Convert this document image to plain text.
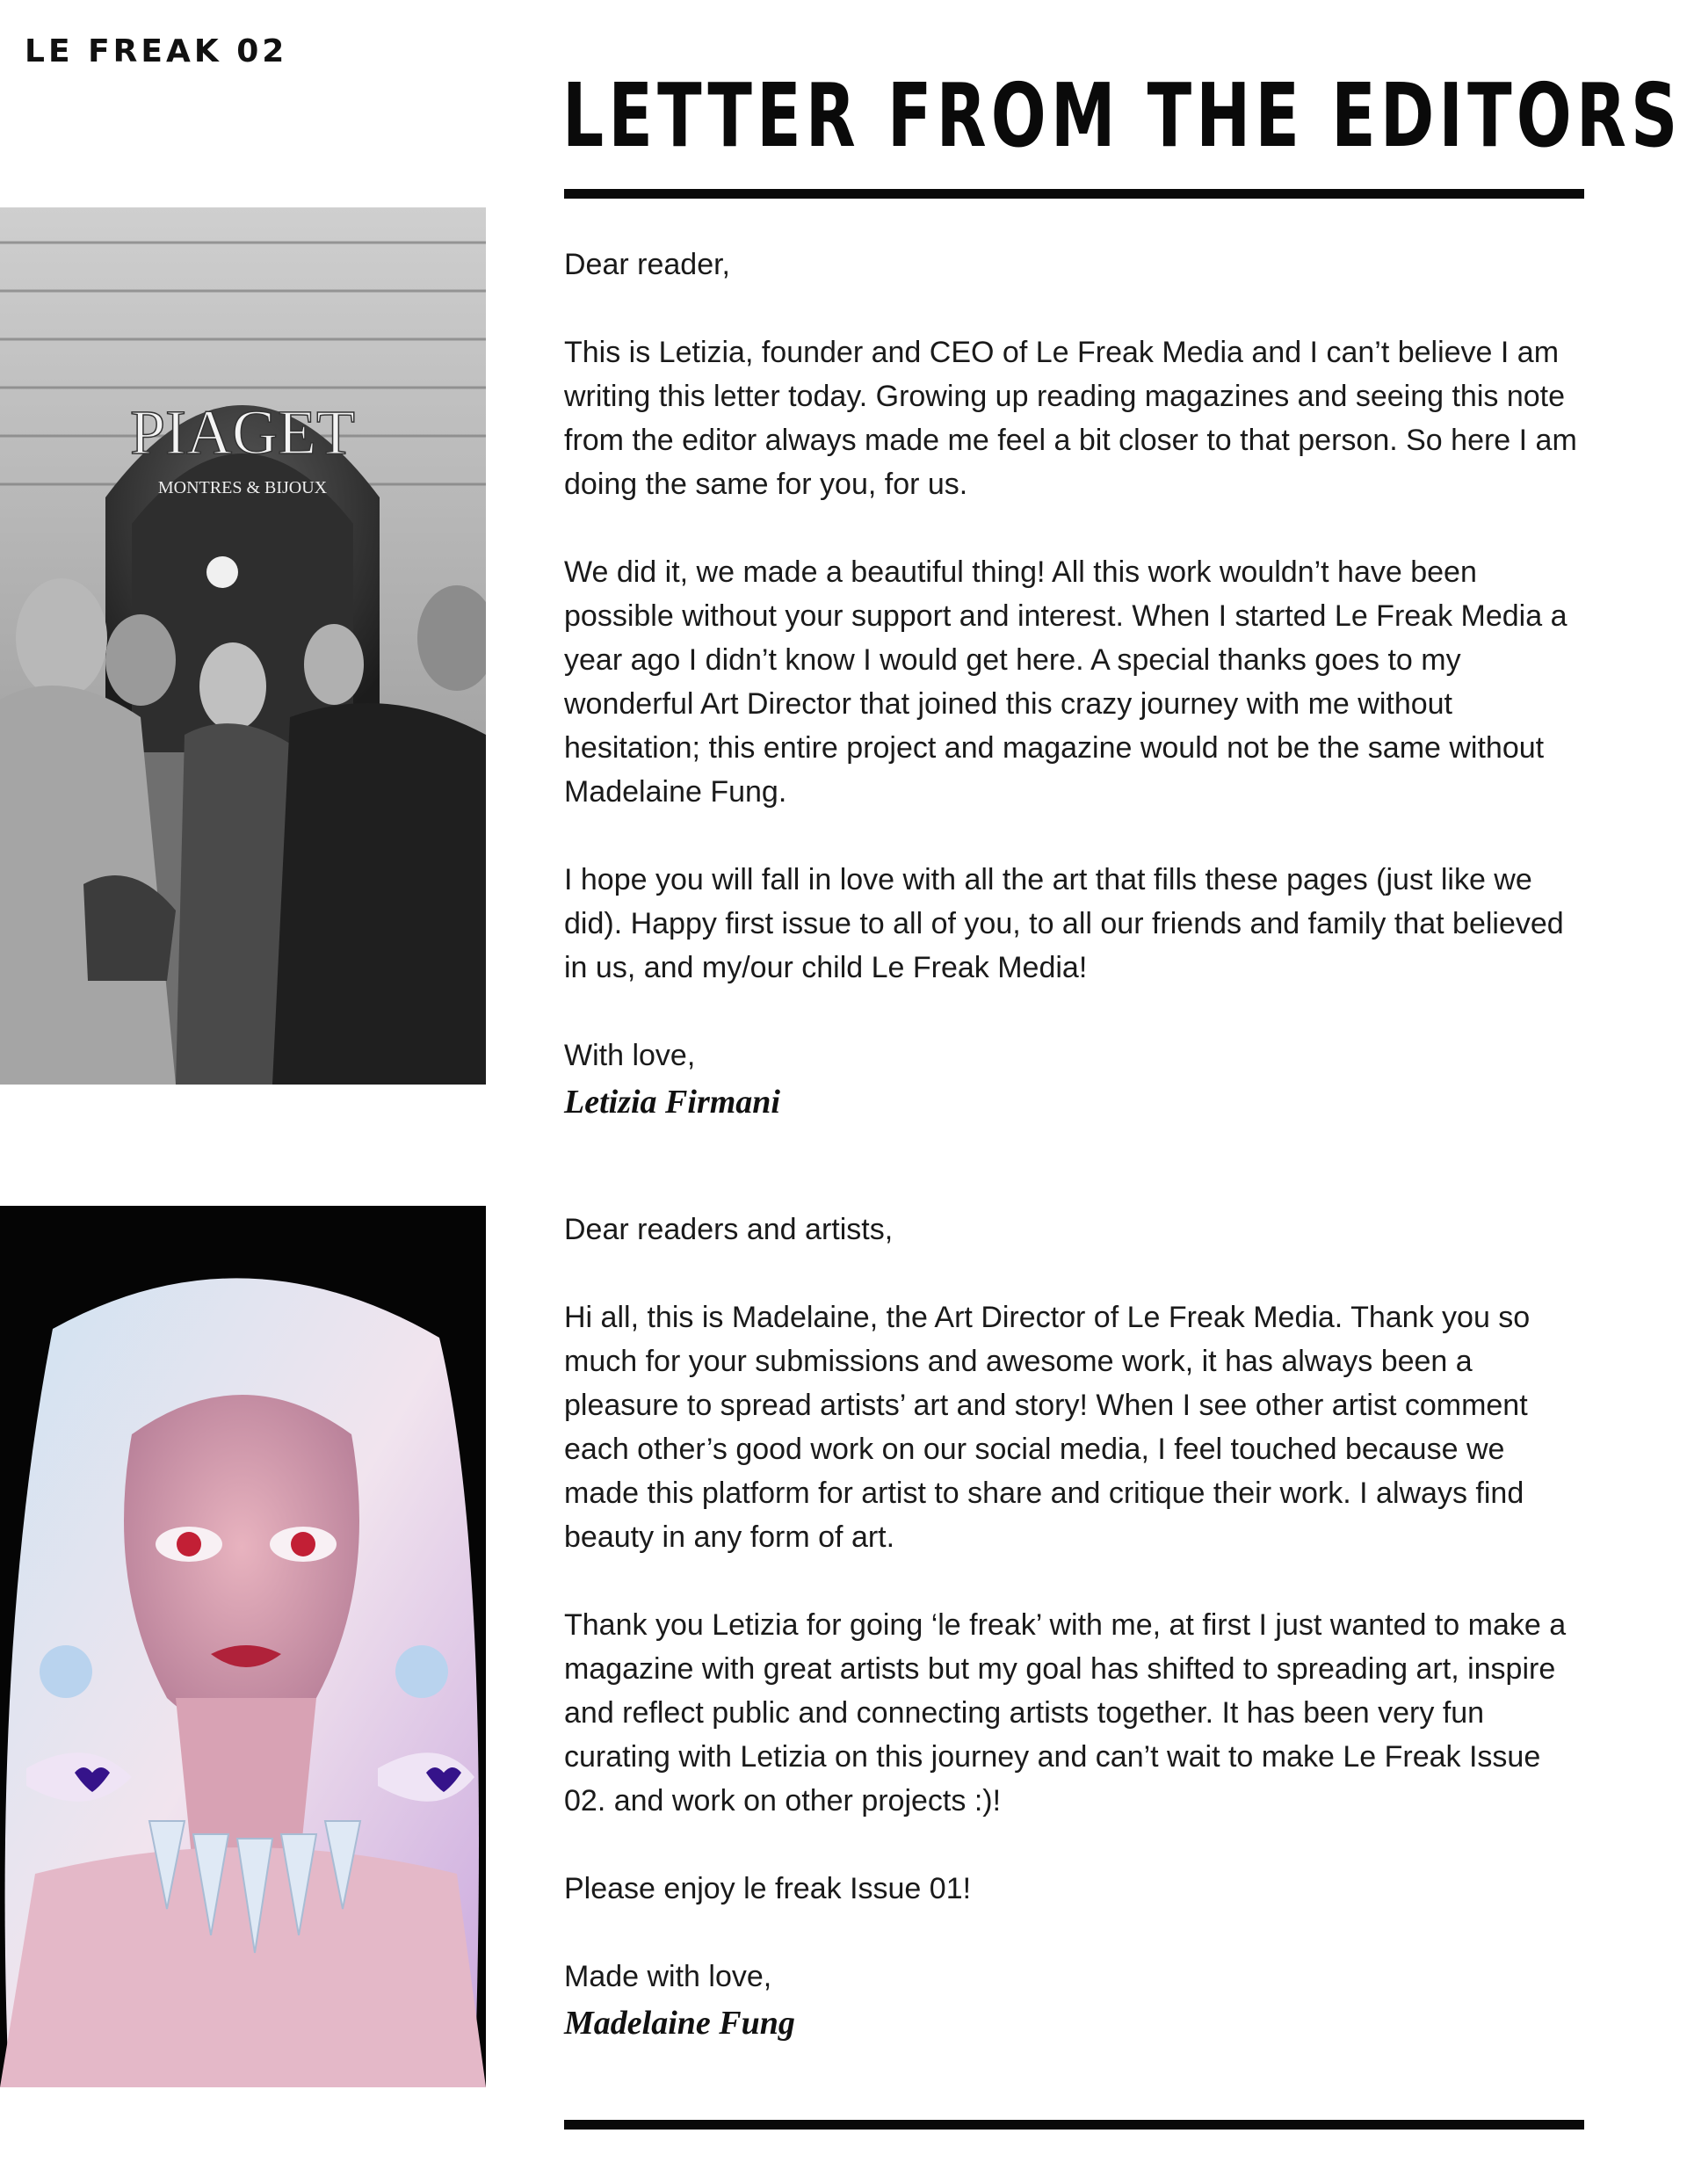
LE FREAK 02
LETTER FROM THE EDITORS
PIAGET
MONTRES & BIJOUX

Dear reader,

This is Letizia, founder and CEO of Le Freak Media and I can’t believe I am writing this letter today. Growing up reading magazines and seeing this note from the editor always made me feel a bit closer to that person. So here I am doing the same for you, for us.

We did it, we made a beautiful thing! All this work wouldn’t have been possible without your support and interest. When I started Le Freak Media a year ago I didn’t know I would get here. A special thanks goes to my wonderful Art Director that joined this crazy journey with me without hesitation; this entire project and magazine would not be the same without Madelaine Fung.

I hope you will fall in love with all the art that fills these pages (just like we did). Happy first issue to all of you, to all our friends and family that believed in us, and my/our child Le Freak Media!

With love,

Letizia Firmani

Dear readers and artists,

Hi all, this is Madelaine, the Art Director of Le Freak Media. Thank you so much for your submissions and awesome work, it has always been a pleasure to spread artists’ art and story! When I see other artist comment each other’s good work on our social media, I feel touched because we made this platform for artist to share and critique their work. I always find beauty in any form of art.

Thank you Letizia for going ‘le freak’ with me, at first I just wanted to make a magazine with great artists but my goal has shifted to spreading art, inspire and reflect public and connecting artists together. It has been very fun curating with Letizia on this journey and can’t wait to make Le Freak Issue 02. and work on other projects :)!

Please enjoy le freak Issue 01!

Made with love,

Madelaine Fung
